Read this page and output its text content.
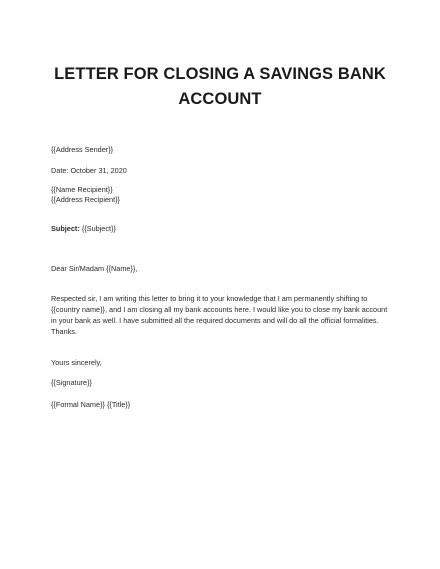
LETTER FOR CLOSING A SAVINGS BANK
ACCOUNT
{{Address Sender}}
Date: October 31, 2020
{{Name Recipient}}
{{Address Recipient}}
Subject: {{Subject}}
Dear Sir/Madam {{Name}},
Respected sir, I am writing this letter to bring it to your knowledge that I am permanently shifting to
{{country name}}, and I am closing all my bank accounts here. I would like you to close my bank account
in your bank as well. I have submitted all the required documents and will do all the official formalities.
Thanks.
Yours sincerely,
{{Signature}}
{{Formal Name}} {{Title}}
